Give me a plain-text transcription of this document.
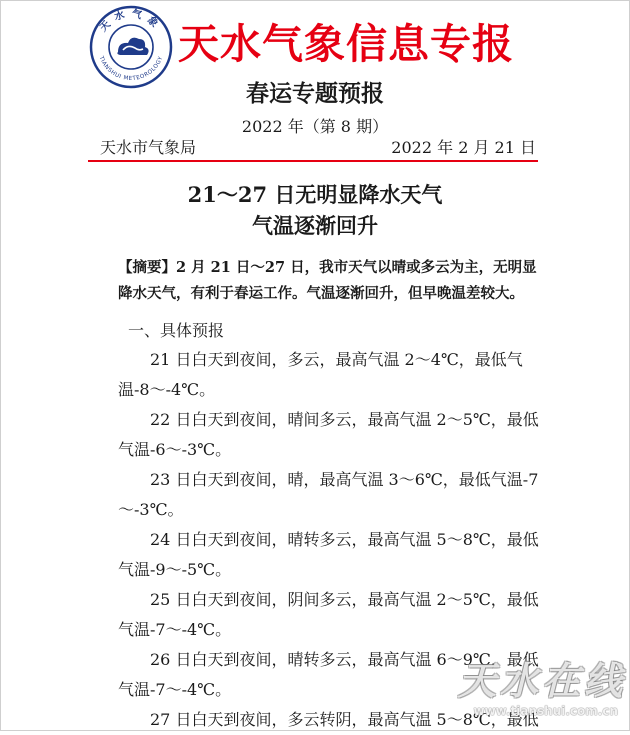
天水气象
TIANSHUI METEOROLOGY 天水气象信息专报
春运专题预报
2022 年（第 8 期）
天水市气象局	2022 年 2 月 21 日
21～27 日无明显降水天气
气温逐渐回升

【摘要】2 月 21 日～27 日，我市天气以晴或多云为主，无明显降水天气，有利于春运工作。气温逐渐回升，但早晚温差较大。

一、具体预报
21 日白天到夜间，多云，最高气温 2～4℃，最低气温-8～-4℃。
22 日白天到夜间，晴间多云，最高气温 2～5℃，最低气温-6～-3℃。
23 日白天到夜间，晴，最高气温 3～6℃，最低气温-7～-3℃。
24 日白天到夜间，晴转多云，最高气温 5～8℃，最低气温-9～-5℃。
25 日白天到夜间，阴间多云，最高气温 2～5℃，最低气温-7～-4℃。
26 日白天到夜间，晴转多云，最高气温 6～9℃，最低气温-7～-4℃。
27 日白天到夜间，多云转阴，最高气温 5～8℃，最低
天水在线
www.tianshui.com.cn
